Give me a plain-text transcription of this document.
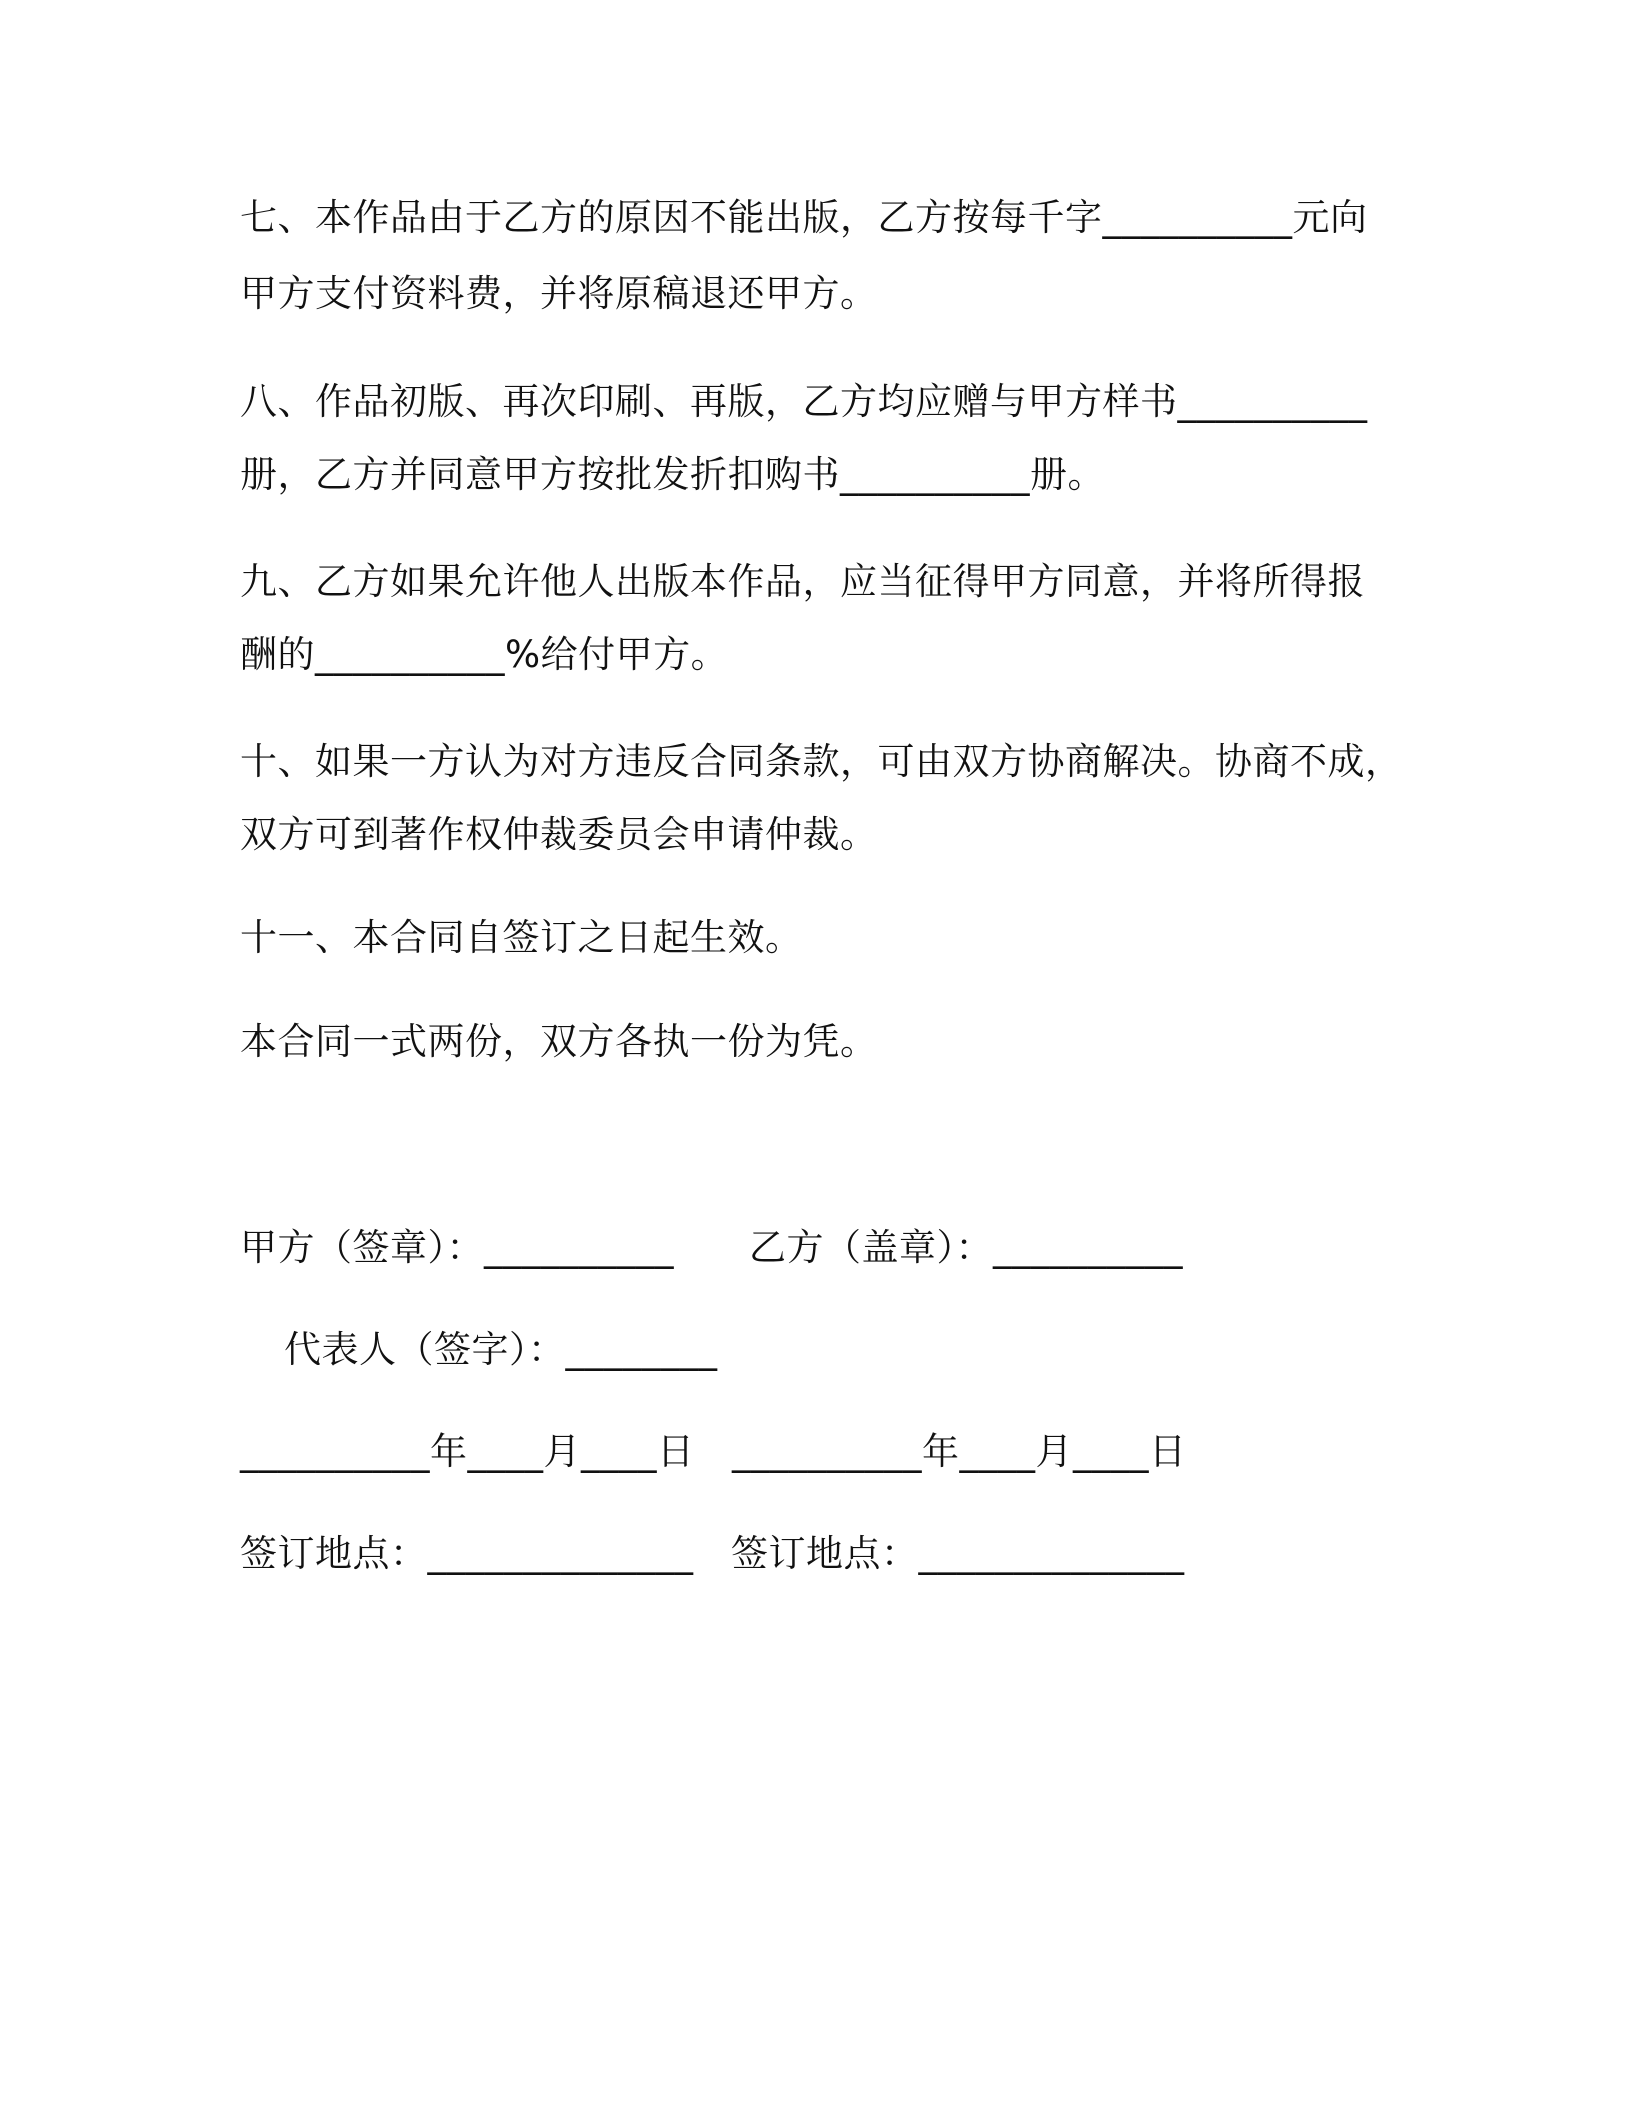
七、本作品由于乙方的原因不能出版，乙方按每千字__________元向
甲方支付资料费，并将原稿退还甲方。
八、作品初版、再次印刷、再版，乙方均应赠与甲方样书__________
册，乙方并同意甲方按批发折扣购书__________册。
九、乙方如果允许他人出版本作品，应当征得甲方同意，并将所得报
酬的__________%给付甲方。
十、如果一方认为对方违反合同条款，可由双方协商解决。协商不成，
双方可到著作权仲裁委员会申请仲裁。
十一、本合同自签订之日起生效。
本合同一式两份，双方各执一份为凭。
甲方（签章）：__________　　乙方（盖章）：__________
代表人（签字）：________
__________年____月____日　__________年____月____日
签订地点：______________　签订地点：______________
